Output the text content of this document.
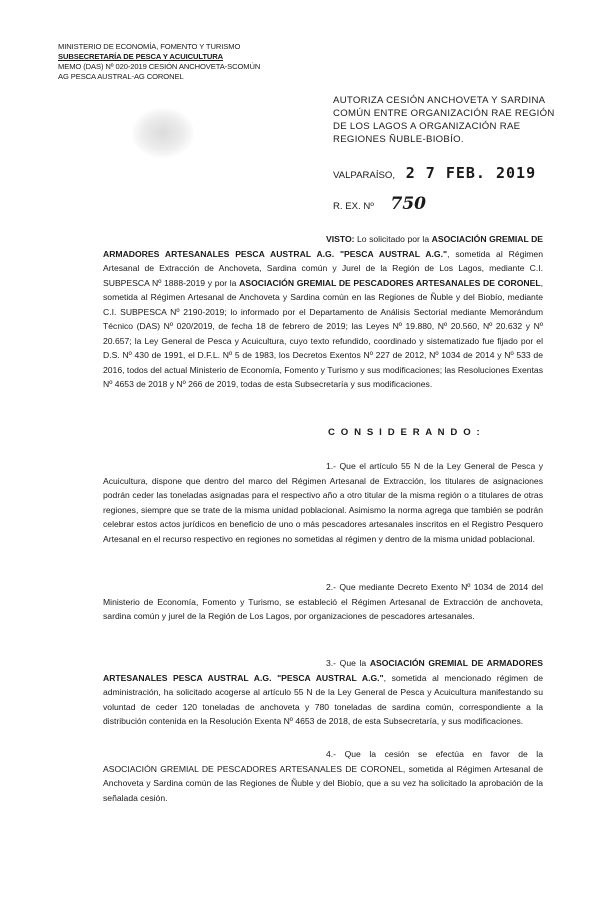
MINISTERIO DE ECONOMÍA, FOMENTO Y TURISMO
SUBSECRETARÍA DE PESCA Y ACUICULTURA
MEMO (DAS) Nº 020-2019 CESIÓN ANCHOVETA-SCOMÚN
AG PESCA AUSTRAL-AG CORONEL
AUTORIZA CESIÓN ANCHOVETA Y SARDINA COMÚN ENTRE ORGANIZACIÓN RAE REGIÓN DE LOS LAGOS A ORGANIZACIÓN RAE REGIONES ÑUBLE-BIOBÍO.
VALPARAÍSO, 2 7 FEB. 2019
R. EX. Nº 750
VISTO: Lo solicitado por la ASOCIACIÓN GREMIAL DE ARMADORES ARTESANALES PESCA AUSTRAL A.G. "PESCA AUSTRAL A.G.", sometida al Régimen Artesanal de Extracción de Anchoveta, Sardina común y Jurel de la Región de Los Lagos, mediante C.I. SUBPESCA Nº 1888-2019 y por la ASOCIACIÓN GREMIAL DE PESCADORES ARTESANALES DE CORONEL, sometida al Régimen Artesanal de Anchoveta y Sardina común en las Regiones de Ñuble y del Biobío, mediante C.I. SUBPESCA Nº 2190-2019; lo informado por el Departamento de Análisis Sectorial mediante Memorándum Técnico (DAS) Nº 020/2019, de fecha 18 de febrero de 2019; las Leyes Nº 19.880, Nº 20.560, Nº 20.632 y Nº 20.657; la Ley General de Pesca y Acuicultura, cuyo texto refundido, coordinado y sistematizado fue fijado por el D.S. Nº 430 de 1991, el D.F.L. Nº 5 de 1983, los Decretos Exentos Nº 227 de 2012, Nº 1034 de 2014 y Nº 533 de 2016, todos del actual Ministerio de Economía, Fomento y Turismo y sus modificaciones; las Resoluciones Exentas Nº 4653 de 2018 y Nº 266 de 2019, todas de esta Subsecretaría y sus modificaciones.
C O N S I D E R A N D O :
1.- Que el artículo 55 N de la Ley General de Pesca y Acuicultura, dispone que dentro del marco del Régimen Artesanal de Extracción, los titulares de asignaciones podrán ceder las toneladas asignadas para el respectivo año a otro titular de la misma región o a titulares de otras regiones, siempre que se trate de la misma unidad poblacional. Asimismo la norma agrega que también se podrán celebrar estos actos jurídicos en beneficio de uno o más pescadores artesanales inscritos en el Registro Pesquero Artesanal en el recurso respectivo en regiones no sometidas al régimen y dentro de la misma unidad poblacional.
2.- Que mediante Decreto Exento Nº 1034 de 2014 del Ministerio de Economía, Fomento y Turismo, se estableció el Régimen Artesanal de Extracción de anchoveta, sardina común y jurel de la Región de Los Lagos, por organizaciones de pescadores artesanales.
3.- Que la ASOCIACIÓN GREMIAL DE ARMADORES ARTESANALES PESCA AUSTRAL A.G. "PESCA AUSTRAL A.G.", sometida al mencionado régimen de administración, ha solicitado acogerse al artículo 55 N de la Ley General de Pesca y Acuicultura manifestando su voluntad de ceder 120 toneladas de anchoveta y 780 toneladas de sardina común, correspondiente a la distribución contenida en la Resolución Exenta Nº 4653 de 2018, de esta Subsecretaría, y sus modificaciones.
4.- Que la cesión se efectúa en favor de la ASOCIACIÓN GREMIAL DE PESCADORES ARTESANALES DE CORONEL, sometida al Régimen Artesanal de Anchoveta y Sardina común de las Regiones de Ñuble y del Biobío, que a su vez ha solicitado la aprobación de la señalada cesión.
